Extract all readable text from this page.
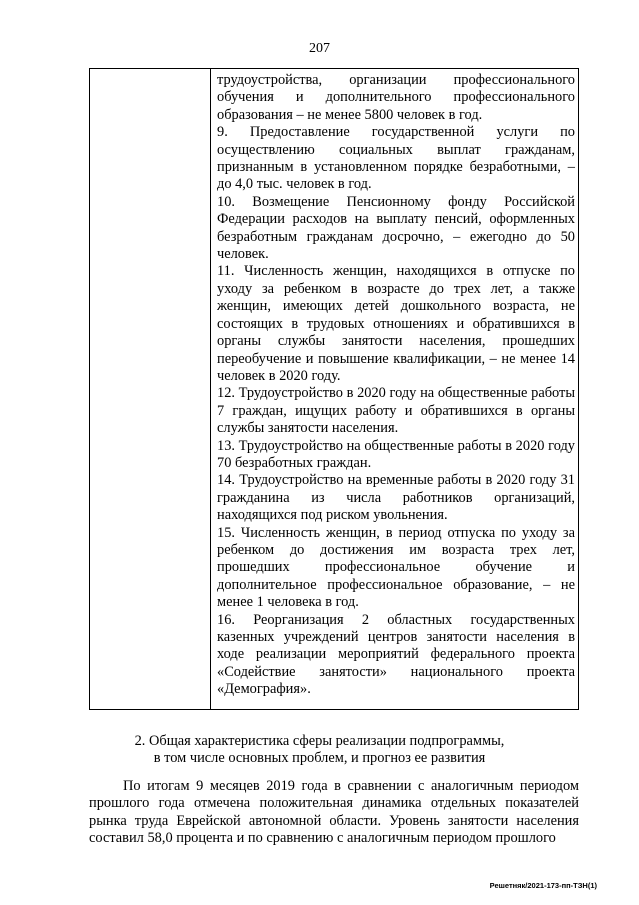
207

трудоустройства, организации профессионального обучения и дополнительного профессионального образования – не менее 5800 человек в год.

9. Предоставление государственной услуги по осуществлению социальных выплат гражданам, признанным в установленном порядке безработными, – до 4,0 тыс. человек в год.

10. Возмещение Пенсионному фонду Российской Федерации расходов на выплату пенсий, оформленных безработным гражданам досрочно, – ежегодно до 50 человек.

11. Численность женщин, находящихся в отпуске по уходу за ребенком в возрасте до трех лет, а также женщин, имеющих детей дошкольного возраста, не состоящих в трудовых отношениях и обратившихся в органы службы занятости населения, прошедших переобучение и повышение квалификации, – не менее 14 человек в 2020 году.

12. Трудоустройство в 2020 году на общественные работы 7 граждан, ищущих работу и обратившихся в органы службы занятости населения.

13. Трудоустройство на общественные работы в 2020 году 70 безработных граждан.

14. Трудоустройство на временные работы в 2020 году 31 гражданина из числа работников организаций, находящихся под риском увольнения.

15. Численность женщин, в период отпуска по уходу за ребенком до достижения им возраста трех лет, прошедших профессиональное обучение и дополнительное профессиональное образование, – не менее 1 человека в год.

16. Реорганизация 2 областных государственных казенных учреждений центров занятости населения в ходе реализации мероприятий федерального проекта «Содействие занятости» национального проекта «Демография».

2. Общая характеристика сферы реализации подпрограммы,
в том числе основных проблем, и прогноз ее развития

По итогам 9 месяцев 2019 года в сравнении с аналогичным периодом прошлого года отмечена положительная динамика отдельных показателей рынка труда Еврейской автономной области. Уровень занятости населения составил 58,0 процента и по сравнению с аналогичным периодом прошлого

Решетняк/2021-173-пп-ТЗН(1)
